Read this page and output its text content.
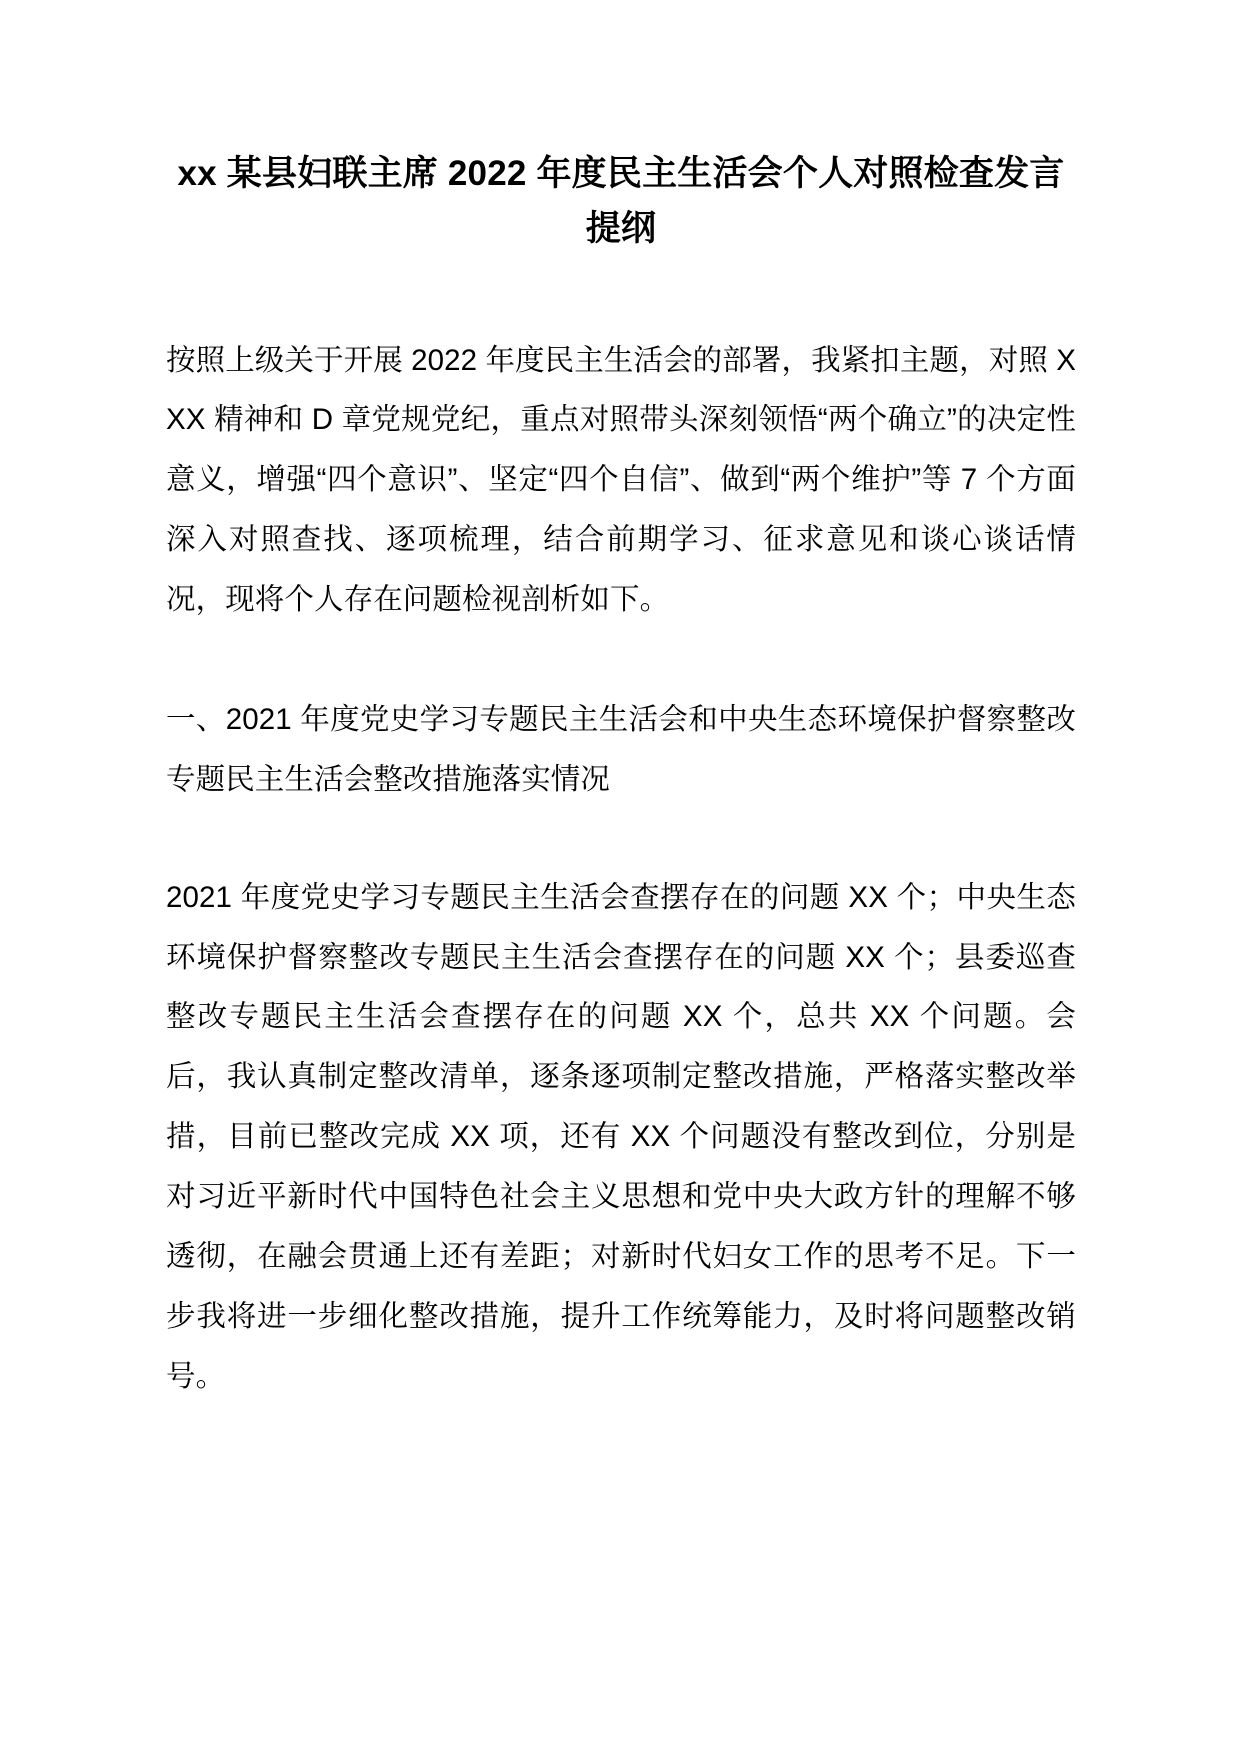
xx 某县妇联主席 2022 年度民主生活会个人对照检查发言提纲

按照上级关于开展 2022 年度民主生活会的部署，我紧扣主题，对照 XXX 精神和 D 章党规党纪，重点对照带头深刻领悟“两个确立”的决定性意义，增强“四个意识”、坚定“四个自信”、做到“两个维护”等 7 个方面深入对照查找、逐项梳理，结合前期学习、征求意见和谈心谈话情况，现将个人存在问题检视剖析如下。

一、2021 年度党史学习专题民主生活会和中央生态环境保护督察整改专题民主生活会整改措施落实情况

2021 年度党史学习专题民主生活会查摆存在的问题 XX 个；中央生态环境保护督察整改专题民主生活会查摆存在的问题 XX 个；县委巡查整改专题民主生活会查摆存在的问题 XX 个，总共 XX 个问题。会后，我认真制定整改清单，逐条逐项制定整改措施，严格落实整改举措，目前已整改完成 XX 项，还有 XX 个问题没有整改到位，分别是对习近平新时代中国特色社会主义思想和党中央大政方针的理解不够透彻，在融会贯通上还有差距；对新时代妇女工作的思考不足。下一步我将进一步细化整改措施，提升工作统筹能力，及时将问题整改销号。
